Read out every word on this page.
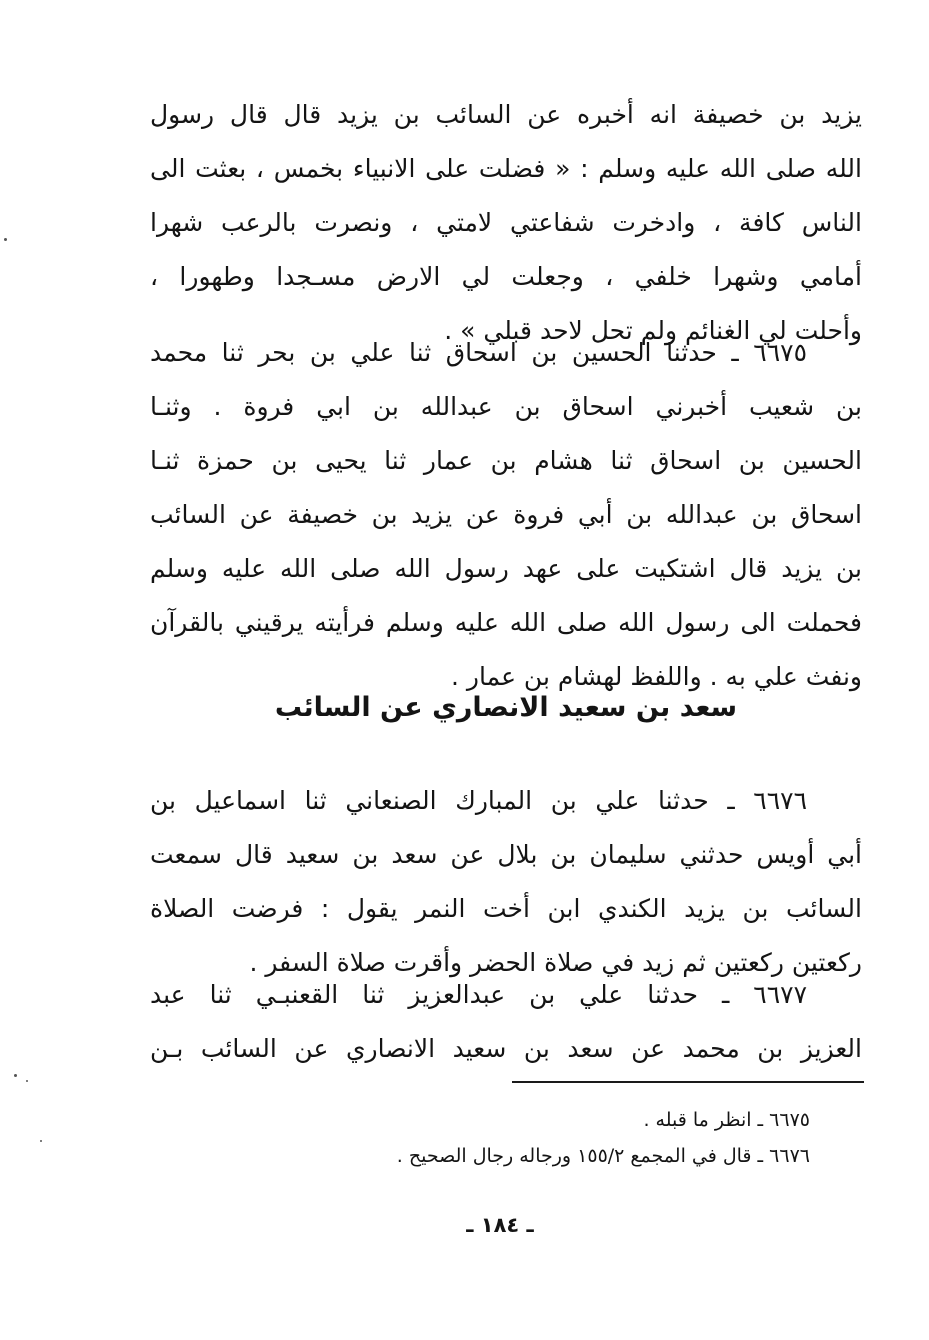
يزيد بن خصيفة انه أخبره عن السائب بن يزيد قال قال رسول
الله صلى الله عليه وسلم : « فضلت على الانبياء بخمس ، بعثت الى
الناس كافة ، وادخرت شفاعتي لامتي ، ونصرت بالرعب شهرا
أمامي وشهرا خلفي ، وجعلت لي الارض مسـجدا وطهورا ،
وأحلت لي الغنائم ولم تحل لاحد قبلي » .
٦٦٧٥ ـ حدثنا الحسين بن اسحاق ثنا علي بن بحر ثنا محمد
بن شعيب أخبرني اسحاق بن عبدالله بن ابي فروة . وثنـا
الحسين بن اسحاق ثنا هشام بن عمار ثنا يحيى بن حمزة ثنـا
اسحاق بن عبدالله بن أبي فروة عن يزيد بن خصيفة عن السائب
بن يزيد قال اشتكيت على عهد رسول الله صلى الله عليه وسلم
فحملت الى رسول الله صلى الله عليه وسلم فرأيته يرقيني بالقرآن
ونفث علي به . واللفظ لهشام بن عمار .
سعد بن سعيد الانصاري عن السائب
٦٦٧٦ ـ حدثنا علي بن المبارك الصنعاني ثنا اسماعيل بن
أبي أويس حدثني سليمان بن بلال عن سعد بن سعيد قال سمعت
السائب بن يزيد الكندي ابن أخت النمر يقول : فرضت الصلاة
ركعتين ركعتين ثم زيد في صلاة الحضر وأقرت صلاة السفر .
٦٦٧٧ ـ حدثنا علي بن عبدالعزيز ثنا القعنبـي ثنا عبد
العزيز بن محمد عن سعد بن سعيد الانصاري عن السائب بـن
٦٦٧٥ ـ انظر ما قبله .
٦٦٧٦ ـ قال في المجمع ١٥٥/٢ ورجاله رجال الصحيح .
ـ ١٨٤ ـ
